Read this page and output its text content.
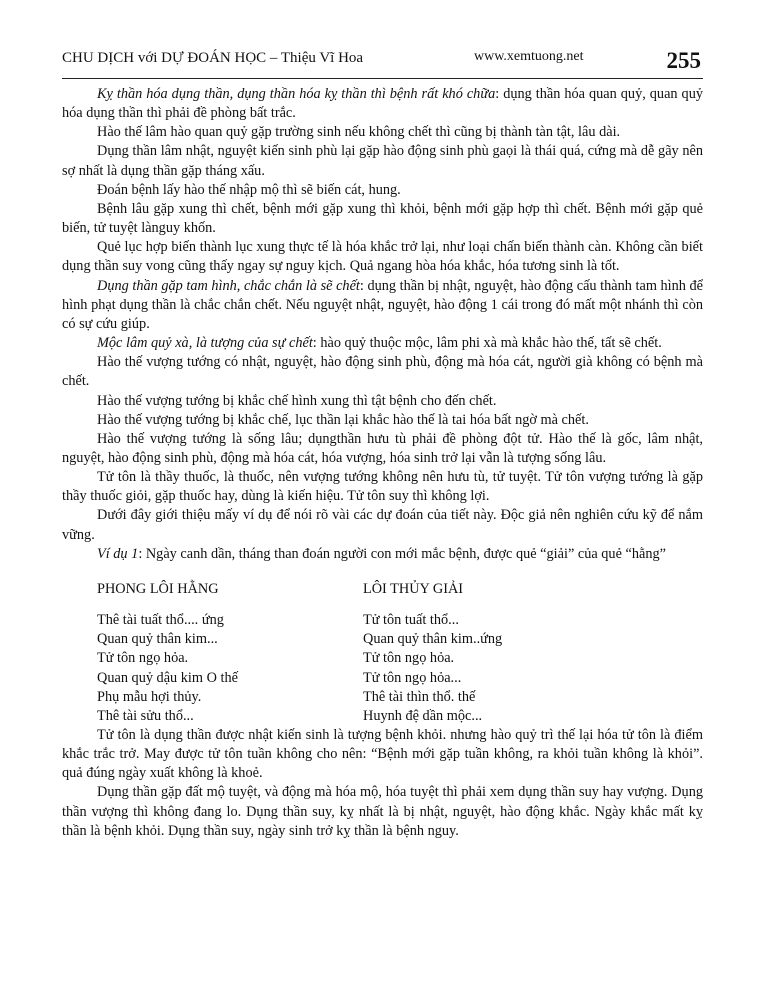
CHU DỊCH với DỰ ĐOÁN HỌC – Thiệu Vĩ Hoa	www.xemtuong.net	255

Kỵ thần hóa dụng thần, dụng thần hóa kỵ thần thì bệnh rất khó chữa: dụng thần hóa quan quỷ, quan quỷ hóa dụng thần thì phải đề phòng bất trắc.

Hào thế lâm hào quan quỷ gặp trường sinh nếu không chết thì cũng bị thành tàn tật, lâu dài.

Dụng thần lâm nhật, nguyệt kiến sinh phù lại gặp hào động sinh phù gaọi là thái quá, cứng mà dễ gãy nên sợ nhất là dụng thần gặp tháng xấu.

Đoán bệnh lấy hào thế nhập mộ thì sẽ biến cát, hung.

Bệnh lâu gặp xung thì chết, bệnh mới gặp xung thì khỏi, bệnh mới gặp hợp thì chết. Bệnh mới gặp quẻ biến, tử tuyệt lànguy khốn.

Quẻ lục hợp biến thành lục xung thực tế là hóa khắc trở lại, như loại chấn biến thành càn. Không cần biết dụng thần suy vong cũng thấy ngay sự nguy kịch. Quả ngang hòa hóa khắc, hóa tương sinh là tốt.

Dụng thần gặp tam hình, chắc chắn là sẽ chết: dụng thần bị nhật, nguyệt, hào động cấu thành tam hình để hình phạt dụng thần là chắc chắn chết. Nếu nguyệt nhật, nguyệt, hào động 1 cái trong đó mất một nhánh thì còn có sự cứu giúp.

Mộc lâm quỷ xà, là tượng của sự chết: hào quỷ thuộc mộc, lâm phi xà mà khắc hào thế, tất sẽ chết.

Hào thế vượng tướng có nhật, nguyệt, hào động sinh phù, động mà hóa cát, người già không có bệnh mà chết.

Hào thế vượng tướng bị khắc chế hình xung thì tật bệnh cho đến chết.

Hào thế vượng tướng bị khắc chế, lục thần lại khắc hào thế là tai hóa bất ngờ mà chết.

Hào thế vượng tướng là sống lâu; dụngthần hưu tù phải đề phòng đột tử. Hào thế là gốc, lâm nhật, nguyệt, hào động sinh phù, động mà hóa cát, hóa vượng, hóa sinh trở lại vẫn là tượng sống lâu.

Tử tôn là thầy thuốc, là thuốc, nên vượng tướng không nên hưu tù, tử tuyệt. Tử tôn vượng tướng là gặp thầy thuốc giỏi, gặp thuốc hay, dùng là kiến hiệu. Tử tôn suy thì không lợi.

Dưới đây giới thiệu mấy ví dụ để nói rõ vài các dự đoán của tiết này. Độc giả nên nghiên cứu kỹ để nắm vững.

Ví dụ 1: Ngày canh dần, tháng than đoán người con mới mắc bệnh, được quẻ “giải” của quẻ “hằng”

PHONG LÔI HẰNG	LÔI THỦY GIẢI
Thê tài tuất thổ.... ứng	Tử tôn tuất thổ...
Quan quỷ thân kim...	Quan quỷ thân kim..ứng
Tử tôn ngọ hỏa.	Tử tôn ngọ hỏa.
Quan quỷ dậu kim O thế	Tử tôn ngọ hỏa...
Phụ mẫu hợi thủy.	Thê tài thìn thổ. thế
Thê tài sửu thổ...	Huynh đệ dần mộc...

Tử tôn là dụng thần được nhật kiến sinh là tượng bệnh khỏi. nhưng hào quỷ trì thế lại hóa tử tôn là điểm khắc trắc trở. May được tử tôn tuần không cho nên: “Bệnh mới gặp tuần không, ra khỏi tuần không là khỏi”. quả đúng ngày xuất không là khoẻ.

Dụng thần gặp đất mộ tuyệt, và động mà hóa mộ, hóa tuyệt thì phải xem dụng thần suy hay vượng. Dụng thần vượng thì không đang lo. Dụng thần suy, kỵ nhất là bị nhật, nguyệt, hào động khắc. Ngày khắc mất kỵ thần là bệnh khỏi. Dụng thần suy, ngày sinh trở kỵ thần là bệnh nguy.
